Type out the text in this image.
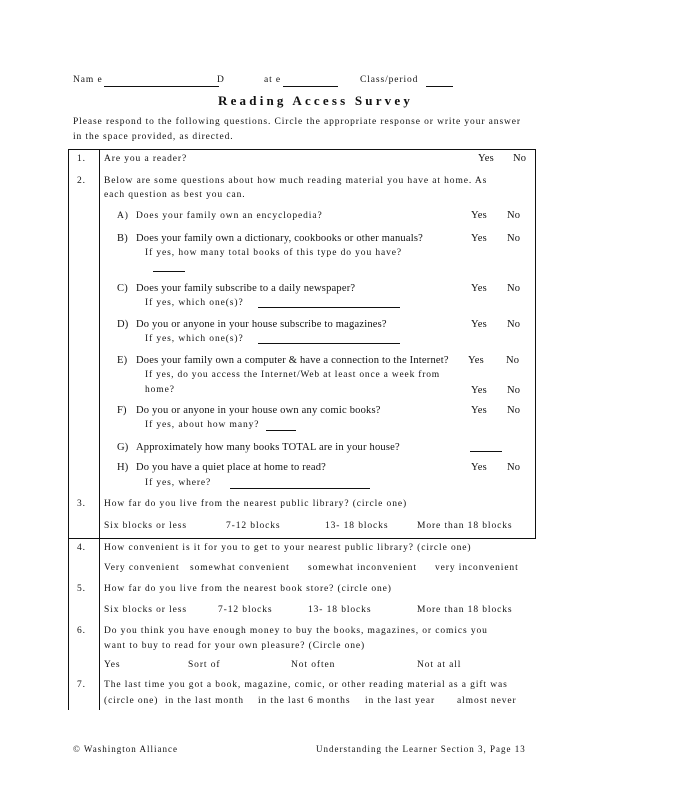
Nam e	D	at e	Class/period
Reading Access Survey
Please respond to the following questions. Circle the appropriate response or write your answer
in the space provided, as directed.
1. Are you a reader?	Yes No
2. Below are some questions about how much reading material you have at home. As
each question as best you can.
A) Does your family own an encyclopedia?	Yes No
B) Does your family own a dictionary, cookbooks or other manuals?	Yes No
If yes, how many total books of this type do you have?
C) Does your family subscribe to a daily newspaper?	Yes No
If yes, which one(s)?
D) Do you or anyone in your house subscribe to magazines?	Yes No
If yes, which one(s)?
E) Does your family own a computer & have a connection to the Internet? Yes No
If yes, do you access the Internet/Web at least once a week from
home?	Yes No
F) Do you or anyone in your house own any comic books?	Yes No
If yes, about how many?
G) Approximately how many books TOTAL are in your house?
H) Do you have a quiet place at home to read?	Yes No
If yes, where?
3. How far do you live from the nearest public library? (circle one)
Six blocks or less	7-12 blocks	13- 18 blocks	More than 18 blocks
4. How convenient is it for you to get to your nearest public library? (circle one)
Very convenient somewhat convenient somewhat inconvenient very inconvenient
5. How far do you live from the nearest book store? (circle one)
Six blocks or less	7-12 blocks	13- 18 blocks	More than 18 blocks
6. Do you think you have enough money to buy the books, magazines, or comics you
want to buy to read for your own pleasure? (Circle one)
Yes	Sort of	Not often	Not at all
7. The last time you got a book, magazine, comic, or other reading material as a gift was
(circle one) in the last month in the last 6 months in the last year almost never
© Washington Alliance	Understanding the Learner Section 3, Page 13
